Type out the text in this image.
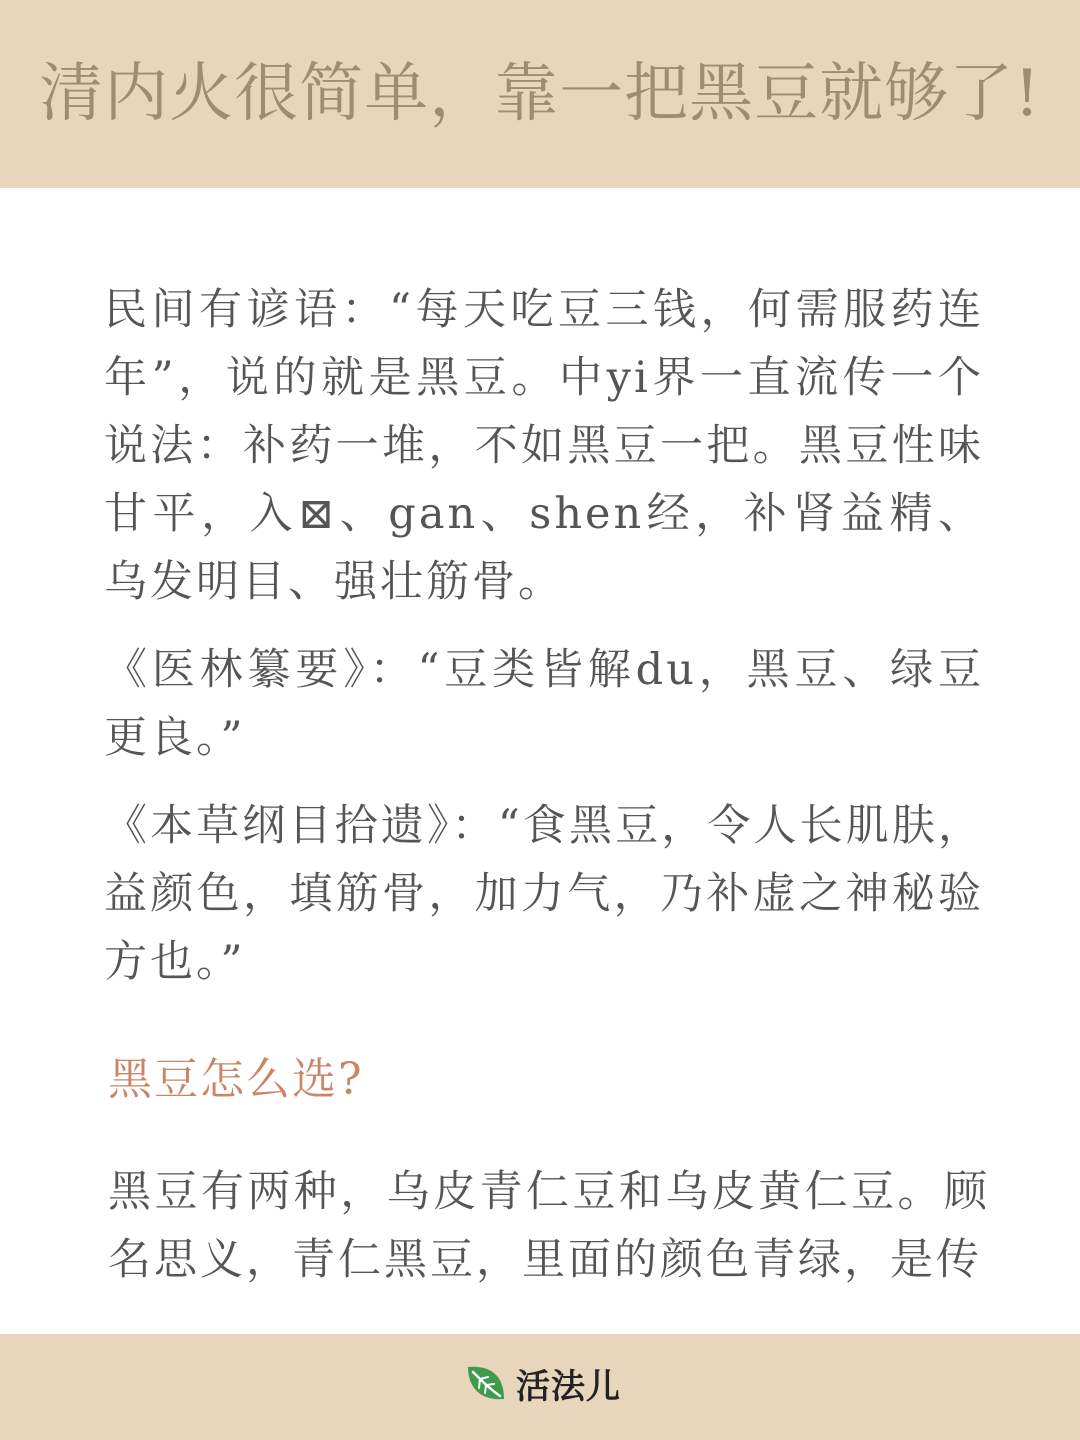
清内火很简单，靠一把黑豆就够了!

民间有谚语：“每天吃豆三钱，何需服药连年”，说的就是黑豆。中yi界一直流传一个说法：补药一堆，不如黑豆一把。黑豆性味甘平，入⊠、gan、shen经，补肾益精、乌发明目、强壮筋骨。

《医林纂要》：“豆类皆解du，黑豆、绿豆更良。”

《本草纲目拾遗》：“食黑豆，令人长肌肤，益颜色，填筋骨，加力气，乃补虚之神秘验方也。”

黑豆怎么选?

黑豆有两种，乌皮青仁豆和乌皮黄仁豆。顾名思义，青仁黑豆，里面的颜色青绿，是传

活法儿
